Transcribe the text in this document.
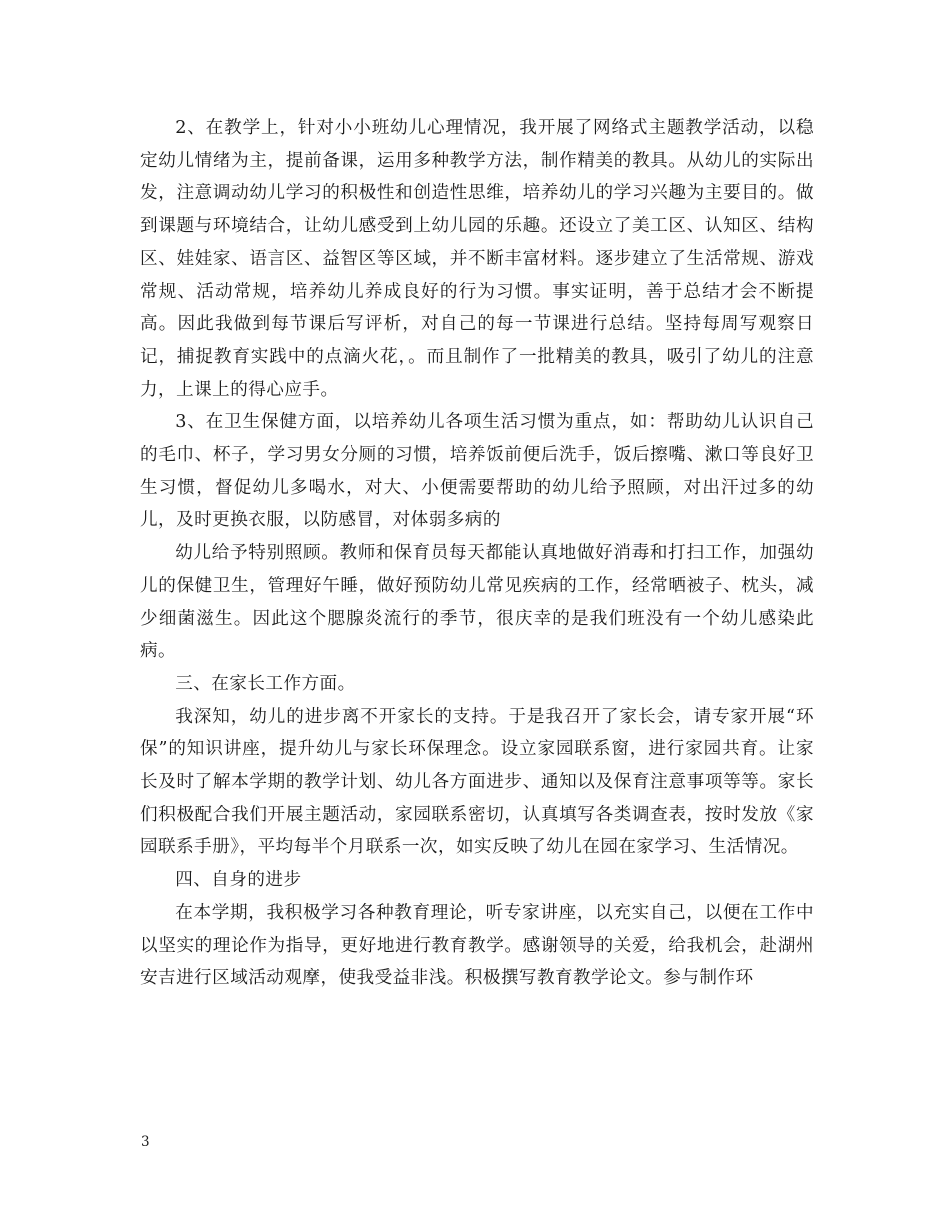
2、在教学上，针对小小班幼儿心理情况，我开展了网络式主题教学活动，以稳定幼儿情绪为主，提前备课，运用多种教学方法，制作精美的教具。从幼儿的实际出发，注意调动幼儿学习的积极性和创造性思维，培养幼儿的学习兴趣为主要目的。做到课题与环境结合，让幼儿感受到上幼儿园的乐趣。还设立了美工区、认知区、结构区、娃娃家、语言区、益智区等区域，并不断丰富材料。逐步建立了生活常规、游戏常规、活动常规，培养幼儿养成良好的行为习惯。事实证明，善于总结才会不断提高。因此我做到每节课后写评析，对自己的每一节课进行总结。坚持每周写观察日记，捕捉教育实践中的点滴火花，。而且制作了一批精美的教具，吸引了幼儿的注意力，上课上的得心应手。

3、在卫生保健方面，以培养幼儿各项生活习惯为重点，如：帮助幼儿认识自己的毛巾、杯子，学习男女分厕的习惯，培养饭前便后洗手，饭后擦嘴、漱口等良好卫生习惯，督促幼儿多喝水，对大、小便需要帮助的幼儿给予照顾，对出汗过多的幼儿，及时更换衣服，以防感冒，对体弱多病的

幼儿给予特别照顾。教师和保育员每天都能认真地做好消毒和打扫工作，加强幼儿的保健卫生，管理好午睡，做好预防幼儿常见疾病的工作，经常晒被子、枕头，减少细菌滋生。因此这个腮腺炎流行的季节，很庆幸的是我们班没有一个幼儿感染此病。

三、在家长工作方面。

我深知，幼儿的进步离不开家长的支持。于是我召开了家长会，请专家开展“环保”的知识讲座，提升幼儿与家长环保理念。设立家园联系窗，进行家园共育。让家长及时了解本学期的教学计划、幼儿各方面进步、通知以及保育注意事项等等。家长们积极配合我们开展主题活动，家园联系密切，认真填写各类调查表，按时发放《家园联系手册》，平均每半个月联系一次，如实反映了幼儿在园在家学习、生活情况。

四、自身的进步

在本学期，我积极学习各种教育理论，听专家讲座，以充实自己，以便在工作中以坚实的理论作为指导，更好地进行教育教学。感谢领导的关爱，给我机会，赴湖州安吉进行区域活动观摩，使我受益非浅。积极撰写教育教学论文。参与制作环

3
